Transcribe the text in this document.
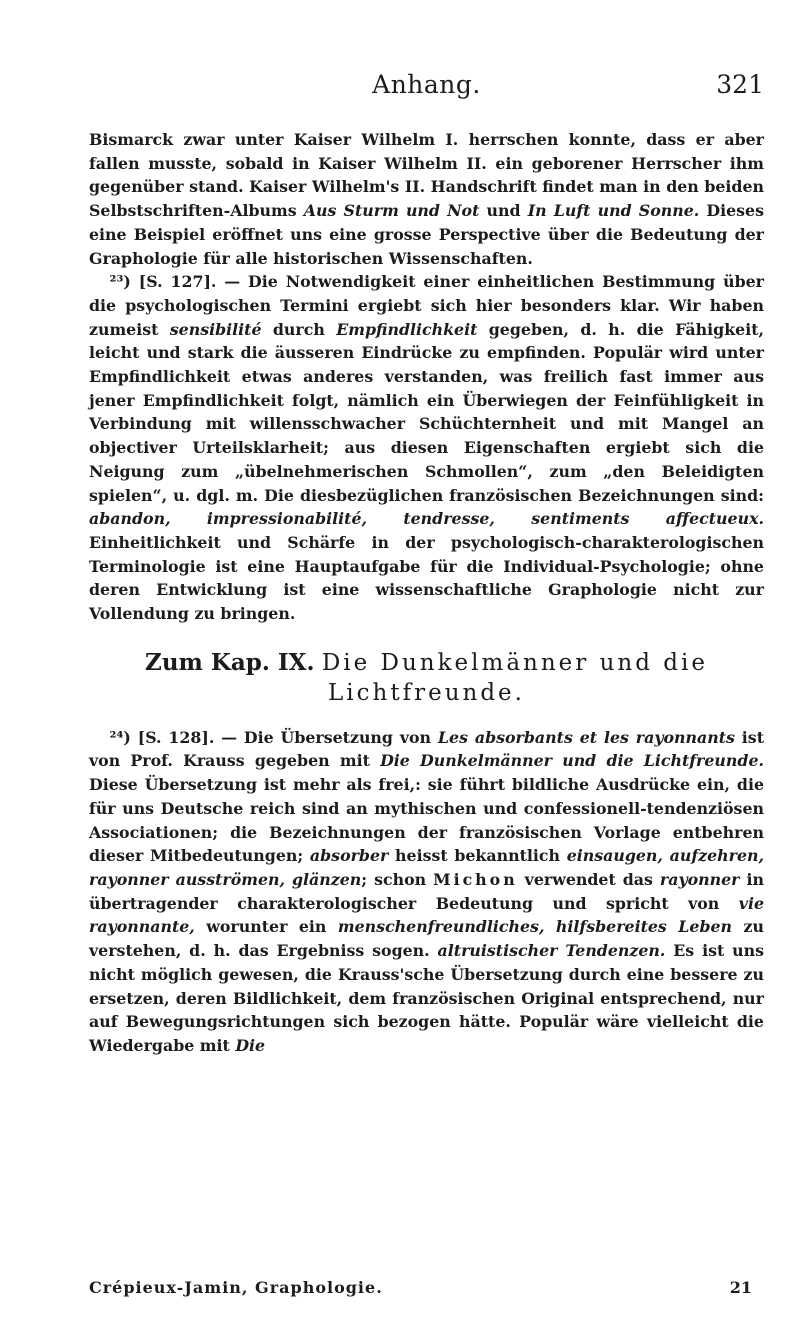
Anhang.	321

Bismarck zwar unter Kaiser Wilhelm I. herrschen konnte, dass er aber fallen musste, sobald in Kaiser Wilhelm II. ein geborener Herrscher ihm gegenüber stand. Kaiser Wilhelm's II. Handschrift findet man in den beiden Selbstschriften-Albums Aus Sturm und Not und In Luft und Sonne. Dieses eine Beispiel eröffnet uns eine grosse Perspective über die Bedeutung der Graphologie für alle historischen Wissenschaften.

²³) [S. 127]. — Die Notwendigkeit einer einheitlichen Bestimmung über die psychologischen Termini ergiebt sich hier besonders klar. Wir haben zumeist sensibilité durch Empfindlichkeit gegeben, d. h. die Fähigkeit, leicht und stark die äusseren Eindrücke zu empfinden. Populär wird unter Empfindlichkeit etwas anderes verstanden, was freilich fast immer aus jener Empfindlichkeit folgt, nämlich ein Überwiegen der Feinfühligkeit in Verbindung mit willensschwacher Schüchternheit und mit Mangel an objectiver Urteilsklarheit; aus diesen Eigenschaften ergiebt sich die Neigung zum „übelnehmerischen Schmollen“, zum „den Beleidigten spielen“, u. dgl. m. Die diesbezüglichen französischen Bezeichnungen sind: abandon, impressionabilité, tendresse, sentiments affectueux. Einheitlichkeit und Schärfe in der psychologisch-charakterologischen Terminologie ist eine Hauptaufgabe für die Individual-Psychologie; ohne deren Entwicklung ist eine wissenschaftliche Graphologie nicht zur Vollendung zu bringen.

Zum Kap. IX. Die Dunkelmänner und die
Lichtfreunde.

²⁴) [S. 128]. — Die Übersetzung von Les absorbants et les rayonnants ist von Prof. Krauss gegeben mit Die Dunkelmänner und die Lichtfreunde. Diese Übersetzung ist mehr als frei,: sie führt bildliche Ausdrücke ein, die für uns Deutsche reich sind an mythischen und confessionell-tendenziösen Associationen; die Bezeichnungen der französischen Vorlage entbehren dieser Mitbedeutungen; absorber heisst bekanntlich einsaugen, aufzehren, rayonner ausströmen, glänzen; schon Michon verwendet das rayonner in übertragender charakterologischer Bedeutung und spricht von vie rayonnante, worunter ein menschenfreundliches, hilfsbereites Leben zu verstehen, d. h. das Ergebniss sogen. altruistischer Tendenzen. Es ist uns nicht möglich gewesen, die Krauss'sche Übersetzung durch eine bessere zu ersetzen, deren Bildlichkeit, dem französischen Original entsprechend, nur auf Bewegungsrichtungen sich bezogen hätte. Populär wäre vielleicht die Wiedergabe mit Die

Crépieux-Jamin, Graphologie.	21
